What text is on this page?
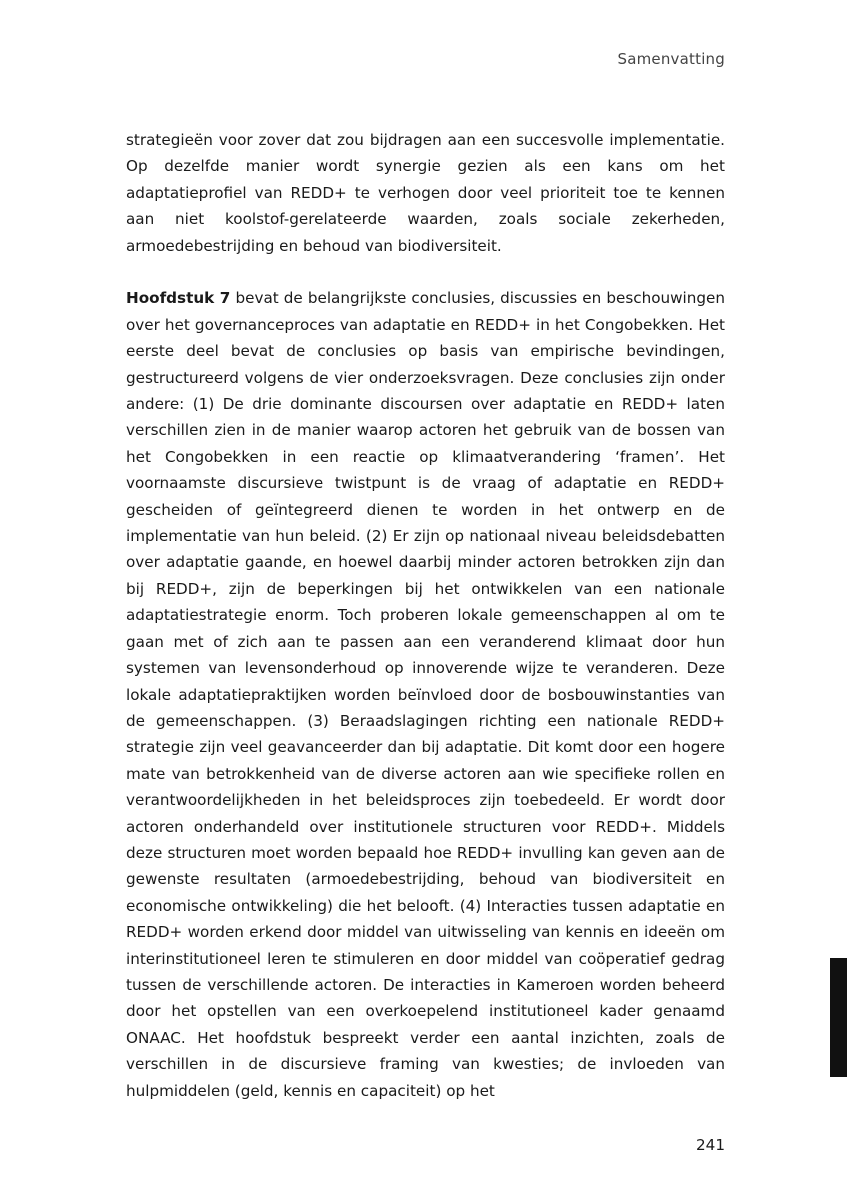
Samenvatting

strategieën voor zover dat zou bijdragen aan een succesvolle implementatie. Op dezelfde manier wordt synergie gezien als een kans om het adaptatieprofiel van REDD+ te verhogen door veel prioriteit toe te kennen aan niet koolstof-gerelateerde waarden, zoals sociale zekerheden, armoedebestrijding en behoud van biodiversiteit.

Hoofdstuk 7 bevat de belangrijkste conclusies, discussies en beschouwingen over het governanceproces van adaptatie en REDD+ in het Congobekken. Het eerste deel bevat de conclusies op basis van empirische bevindingen, gestructureerd volgens de vier onderzoeksvragen. Deze conclusies zijn onder andere: (1) De drie dominante discoursen over adaptatie en REDD+ laten verschillen zien in de manier waarop actoren het gebruik van de bossen van het Congobekken in een reactie op klimaatverandering ‘framen’. Het voornaamste discursieve twistpunt is de vraag of adaptatie en REDD+ gescheiden of geïntegreerd dienen te worden in het ontwerp en de implementatie van hun beleid. (2) Er zijn op nationaal niveau beleidsdebatten over adaptatie gaande, en hoewel daarbij minder actoren betrokken zijn dan bij REDD+, zijn de beperkingen bij het ontwikkelen van een nationale adaptatiestrategie enorm. Toch proberen lokale gemeenschappen al om te gaan met of zich aan te passen aan een veranderend klimaat door hun systemen van levensonderhoud op innoverende wijze te veranderen. Deze lokale adaptatiepraktijken worden beïnvloed door de bosbouwinstanties van de gemeenschappen. (3) Beraadslagingen richting een nationale REDD+ strategie zijn veel geavanceerder dan bij adaptatie. Dit komt door een hogere mate van betrokkenheid van de diverse actoren aan wie specifieke rollen en verantwoordelijkheden in het beleidsproces zijn toebedeeld. Er wordt door actoren onderhandeld over institutionele structuren voor REDD+. Middels deze structuren moet worden bepaald hoe REDD+ invulling kan geven aan de gewenste resultaten (armoedebestrijding, behoud van biodiversiteit en economische ontwikkeling) die het belooft. (4) Interacties tussen adaptatie en REDD+ worden erkend door middel van uitwisseling van kennis en ideeën om interinstitutioneel leren te stimuleren en door middel van coöperatief gedrag tussen de verschillende actoren. De interacties in Kameroen worden beheerd door het opstellen van een overkoepelend institutioneel kader genaamd ONAAC. Het hoofdstuk bespreekt verder een aantal inzichten, zoals de verschillen in de discursieve framing van kwesties; de invloeden van hulpmiddelen (geld, kennis en capaciteit) op het

241
